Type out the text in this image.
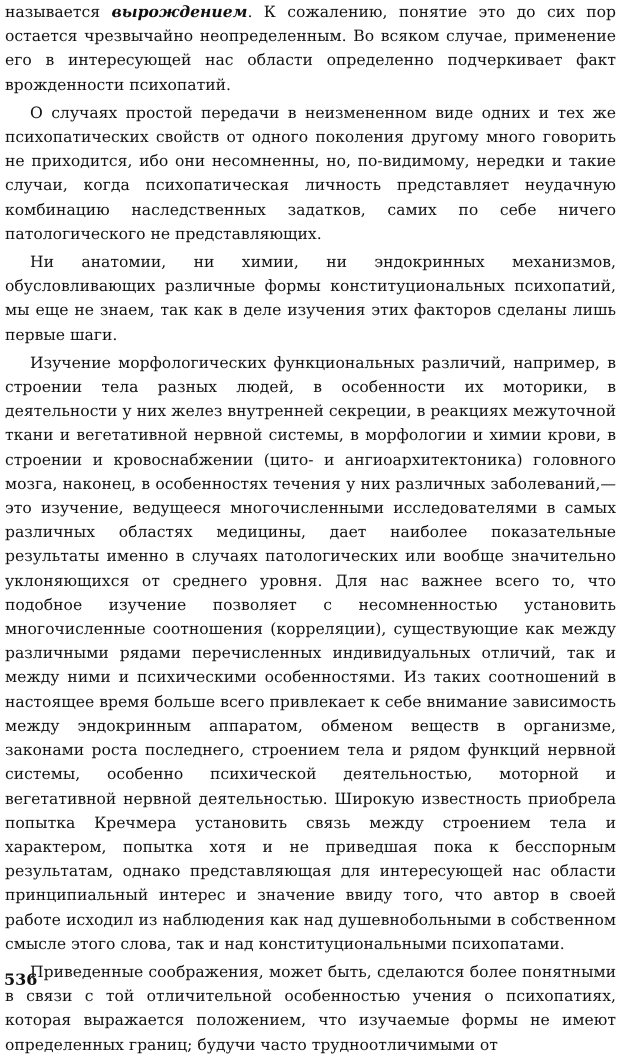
называется вырождением. К сожалению, понятие это до сих пор остается чрезвычайно неопределенным. Во всяком случае, применение его в интересующей нас области определенно подчеркивает факт врожденности психопатий.

О случаях простой передачи в неизмененном виде одних и тех же психопатических свойств от одного поколения другому много говорить не приходится, ибо они несомненны, но, по-видимому, нередки и такие случаи, когда психопатическая личность представляет неудачную комбинацию наследственных задатков, самих по себе ничего патологического не представляющих.

Ни анатомии, ни химии, ни эндокринных механизмов, обусловливающих различные формы конституциональных психопатий, мы еще не знаем, так как в деле изучения этих факторов сделаны лишь первые шаги.

Изучение морфологических функциональных различий, например, в строении тела разных людей, в особенности их моторики, в деятельности у них желез внутренней секреции, в реакциях межуточной ткани и вегетативной нервной системы, в морфологии и химии крови, в строении и кровоснабжении (цито- и ангиоархитектоника) головного мозга, наконец, в особенностях течения у них различных заболеваний,— это изучение, ведущееся многочисленными исследователями в самых различных областях медицины, дает наиболее показательные результаты именно в случаях патологических или вообще значительно уклоняющихся от среднего уровня. Для нас важнее всего то, что подобное изучение позволяет с несомненностью установить многочисленные соотношения (корреляции), существующие как между различными рядами перечисленных индивидуальных отличий, так и между ними и психическими особенностями. Из таких соотношений в настоящее время больше всего привлекает к себе внимание зависимость между эндокринным аппаратом, обменом веществ в организме, законами роста последнего, строением тела и рядом функций нервной системы, особенно психической деятельностью, моторной и вегетативной нервной деятельностью. Широкую известность приобрела попытка Кречмера установить связь между строением тела и характером, попытка хотя и не приведшая пока к бесспорным результатам, однако представляющая для интересующей нас области принципиальный интерес и значение ввиду того, что автор в своей работе исходил из наблюдения как над душевнобольными в собственном смысле этого слова, так и над конституциональными психопатами.

Приведенные соображения, может быть, сделаются более понятными в связи с той отличительной особенностью учения о психопатиях, которая выражается положением, что изучаемые формы не имеют определенных границ; будучи часто трудноотличимыми от

536
